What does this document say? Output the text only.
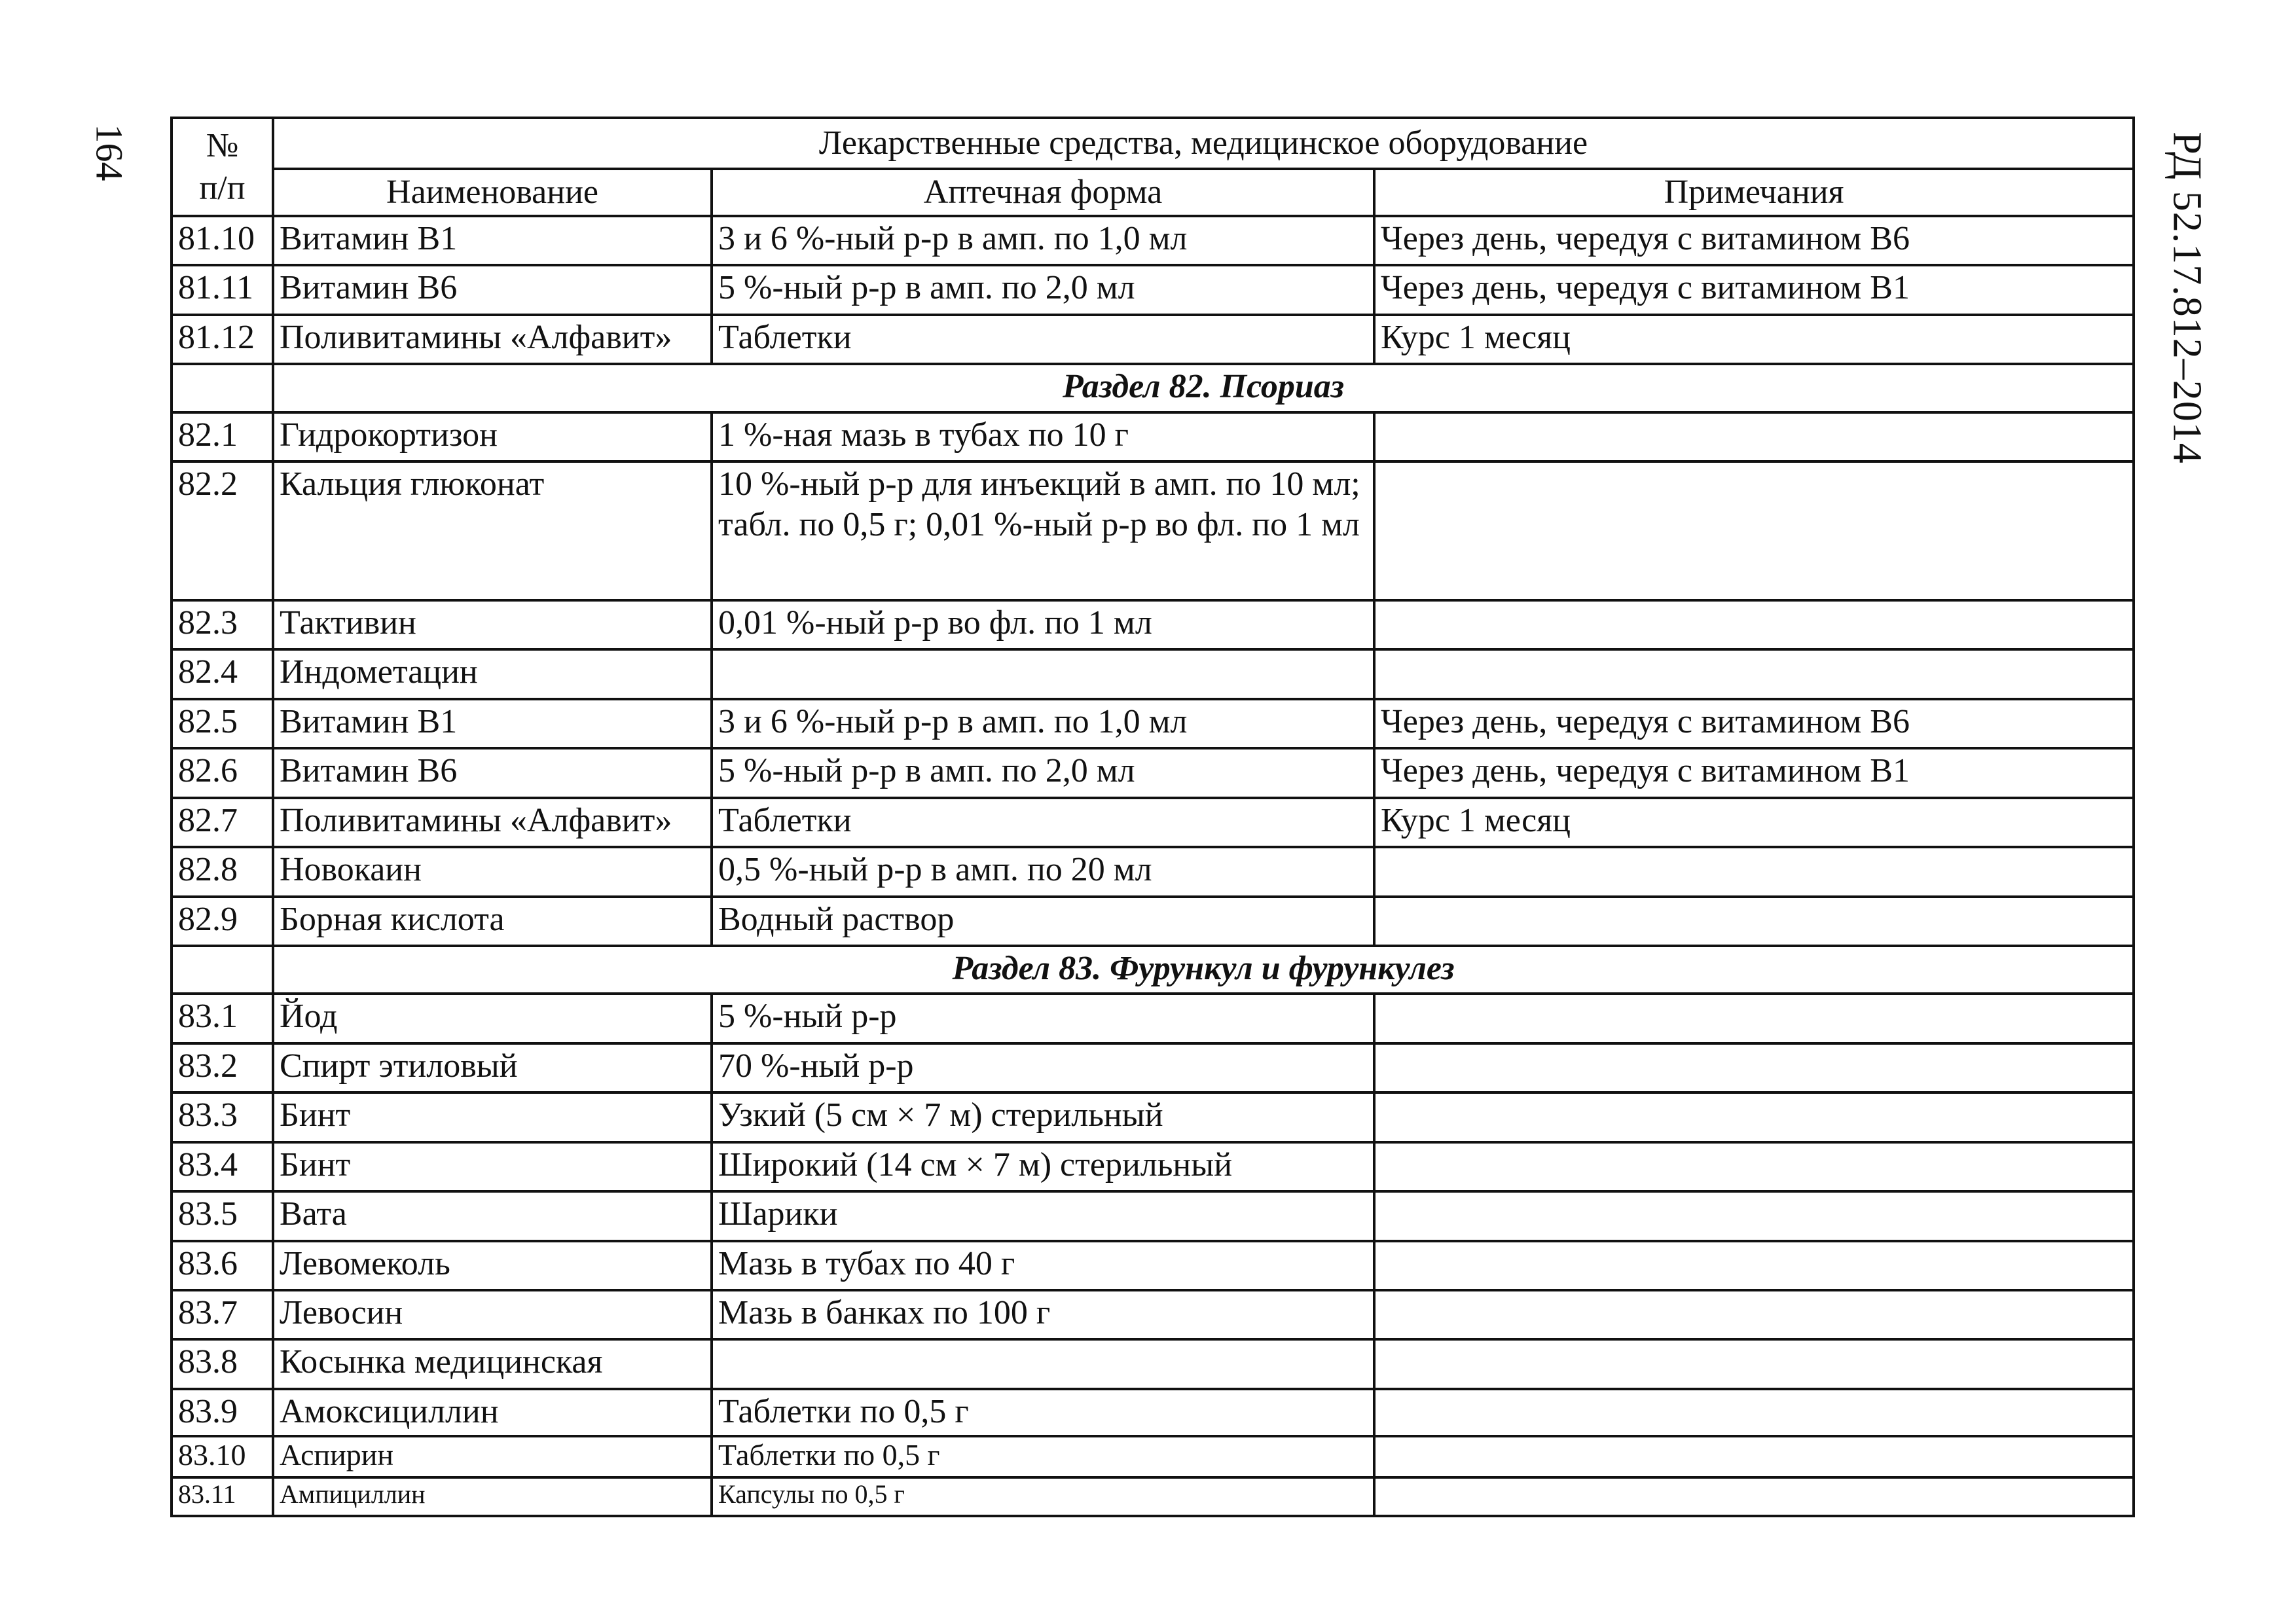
164	РД 52.17.812–2014
№
п/п	Лекарственные средства, медицинское оборудование		
	Наименование	Аптечная форма	Примечания
81.10	Витамин В1	3 и 6 %-ный р-р в амп. по 1,0 мл	Через день, чередуя с витамином В6
81.11	Витамин В6	5 %-ный р-р в амп. по 2,0 мл	Через день, чередуя с витамином В1
81.12	Поливитамины «Алфавит»	Таблетки	Курс 1 месяц
	Раздел 82. Псориаз		
82.1	Гидрокортизон	1 %-ная мазь в тубах по 10 г	
82.2	Кальция глюконат	10 %-ный р-р для инъекций в амп. по 10 мл; табл. по 0,5 г; 0,01 %-ный р-р во фл. по 1 мл	
82.3	Тактивин	0,01 %-ный р-р во фл. по 1 мл	
82.4	Индометацин		
82.5	Витамин В1	3 и 6 %-ный р-р в амп. по 1,0 мл	Через день, чередуя с витамином В6
82.6	Витамин В6	5 %-ный р-р в амп. по 2,0 мл	Через день, чередуя с витамином В1
82.7	Поливитамины «Алфавит»	Таблетки	Курс 1 месяц
82.8	Новокаин	0,5 %-ный р-р в амп. по 20 мл	
82.9	Борная кислота	Водный раствор	
	Раздел 83. Фурункул и фурункулез		
83.1	Йод	5 %-ный р-р	
83.2	Спирт этиловый	70 %-ный р-р	
83.3	Бинт	Узкий (5 см × 7 м) стерильный	
83.4	Бинт	Широкий (14 см × 7 м) стерильный	
83.5	Вата	Шарики	
83.6	Левомеколь	Мазь в тубах по 40 г	
83.7	Левосин	Мазь в банках по 100 г	
83.8	Косынка медицинская		
83.9	Амоксициллин	Таблетки по 0,5 г	
83.10	Аспирин	Таблетки по 0,5 г	
83.11	Ампициллин	Капсулы по 0,5 г	
